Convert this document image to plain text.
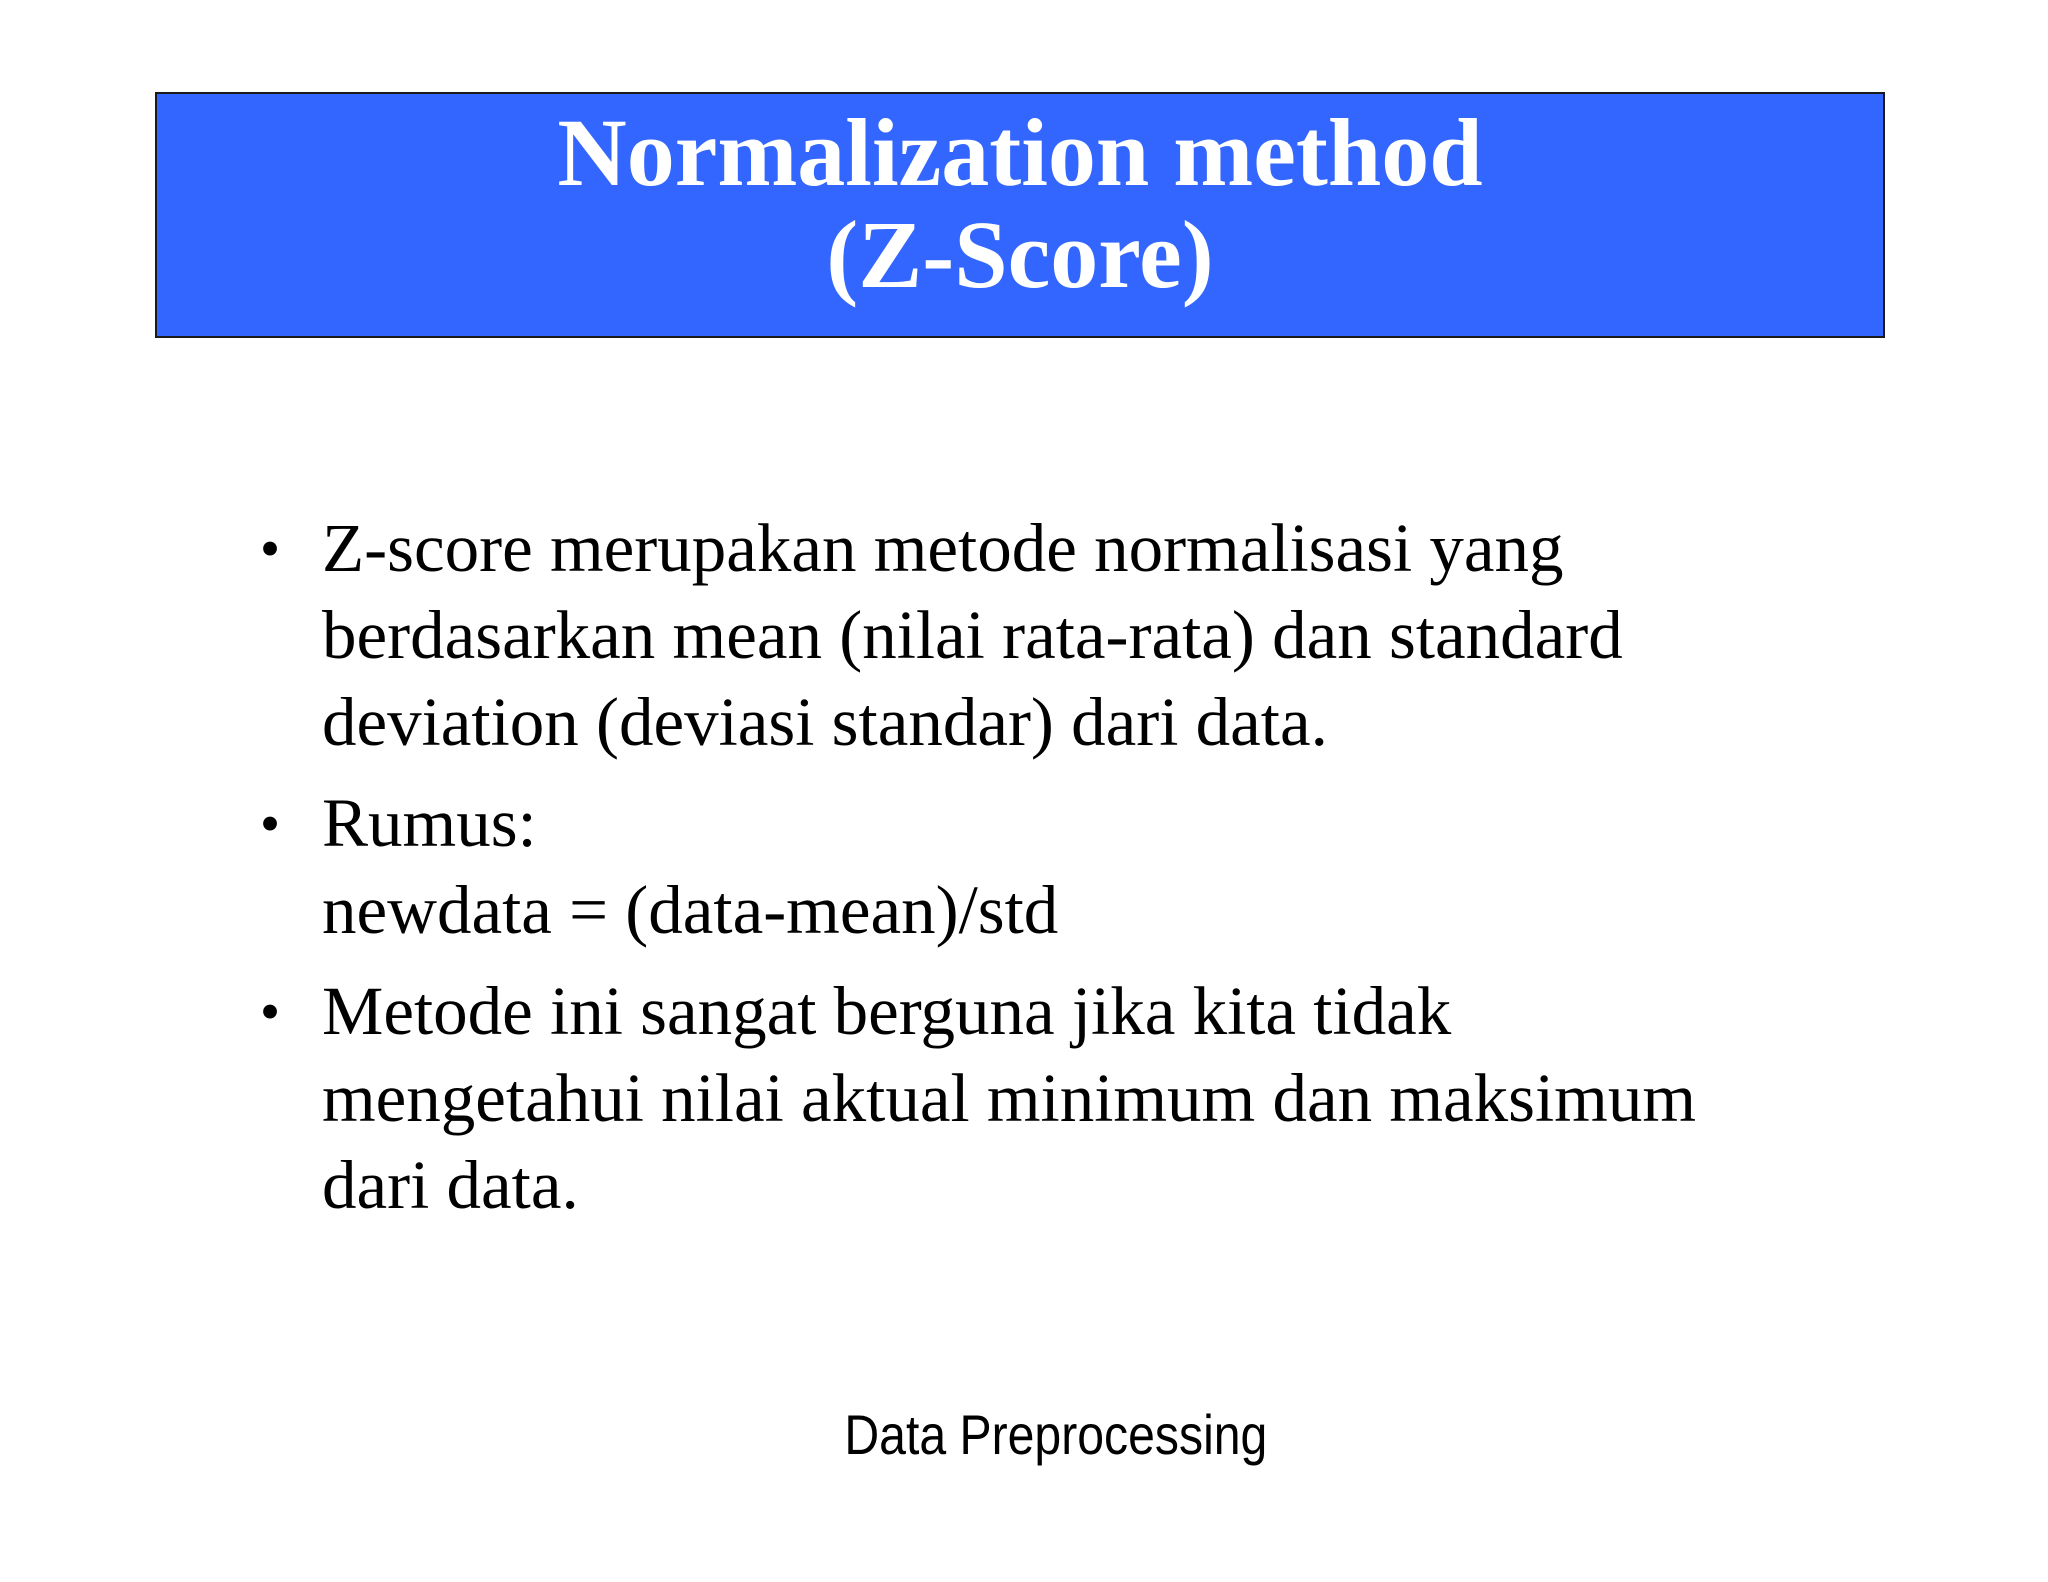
Normalization method
(Z-Score)
• Z-score merupakan metode normalisasi yang
berdasarkan mean (nilai rata-rata) dan standard
deviation (deviasi standar) dari data.
• Rumus:
newdata = (data-mean)/std
• Metode ini sangat berguna jika kita tidak
mengetahui nilai aktual minimum dan maksimum
dari data.
Data Preprocessing
